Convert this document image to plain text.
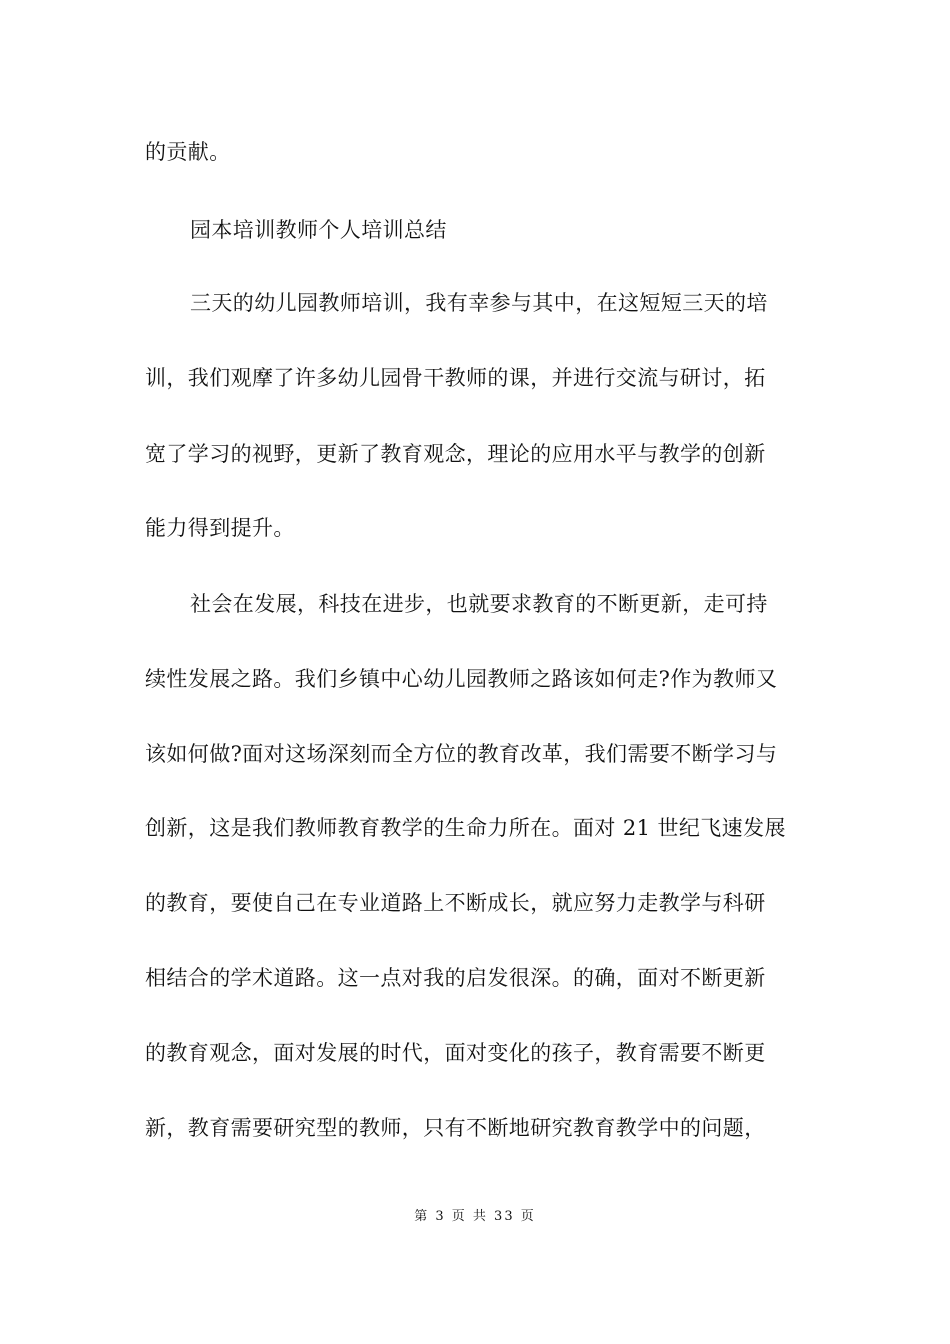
的贡献。
园本培训教师个人培训总结
三天的幼儿园教师培训，我有幸参与其中，在这短短三天的培
训，我们观摩了许多幼儿园骨干教师的课，并进行交流与研讨，拓
宽了学习的视野，更新了教育观念，理论的应用水平与教学的创新
能力得到提升。
社会在发展，科技在进步，也就要求教育的不断更新，走可持
续性发展之路。我们乡镇中心幼儿园教师之路该如何走?作为教师又
该如何做?面对这场深刻而全方位的教育改革，我们需要不断学习与
创新，这是我们教师教育教学的生命力所在。面对 21 世纪飞速发展
的教育，要使自己在专业道路上不断成长，就应努力走教学与科研
相结合的学术道路。这一点对我的启发很深。的确，面对不断更新
的教育观念，面对发展的时代，面对变化的孩子，教育需要不断更
新，教育需要研究型的教师，只有不断地研究教育教学中的问题，
第 3 页 共 33 页
